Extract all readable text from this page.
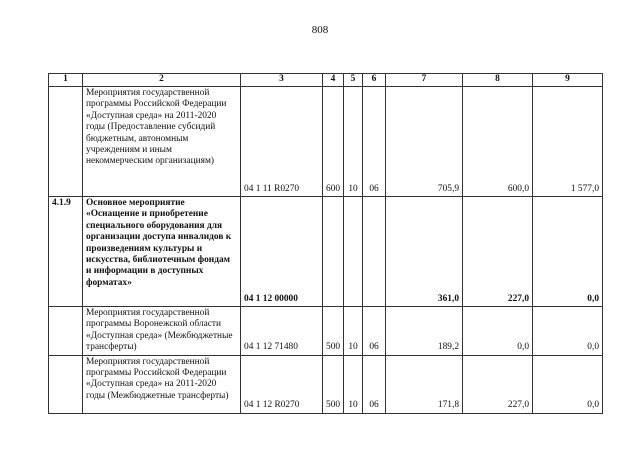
808
1	2	3	4	5	6	7	8	9
	Мероприятия государственной программы Российской Федерации «Доступная среда» на 2011-2020 годы (Предоставление субсидий бюджетным, автономным учреждениям и иным некоммерческим организациям)	04 1 11 R0270	600	10	06	705,9	600,0	1 577,0
4.1.9	Основное мероприятие «Оснащение и приобретение специального оборудования для организации доступа инвалидов к произведениям культуры и искусства, библиотечным фондам и информации в доступных форматах»	04 1 12 00000				361,0	227,0	0,0
	Мероприятия государственной программы Воронежской области «Доступная среда» (Межбюджетные трансферты)	04 1 12 71480	500	10	06	189,2	0,0	0,0
	Мероприятия государственной программы Российской Федерации «Доступная среда» на 2011-2020 годы (Межбюджетные трансферты)	04 1 12 R0270	500	10	06	171,8	227,0	0,0
